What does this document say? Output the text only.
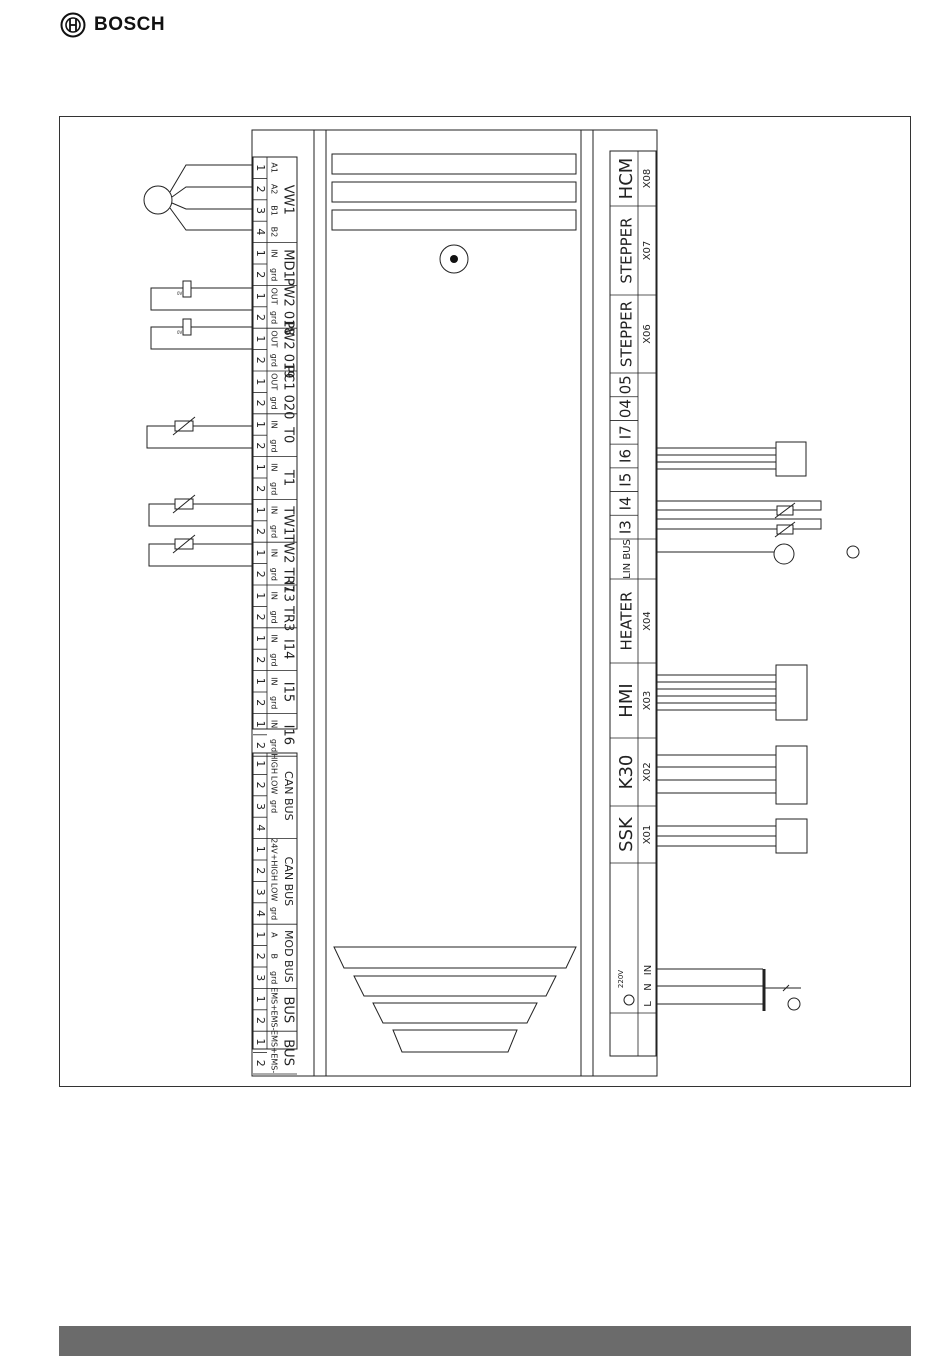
BOSCH
0V
0V
1 A1
2 A2
3 B1
4 B2
VW1
1 IN
2 grd MD1
1 OUT
2 grd PW2 018
1 OUT
2 grd PW2 019
1 OUT
2 grd PC1 020
1 IN
2 grd
T0
1 IN
2 grd
T1
1 IN
2 grd TW1
1 IN
2 grd TW2 TR7
1 IN
2 grd I13 TR3
1 IN
2 grd
I14
1 IN
2 grd
I15
1 IN
2 grd
I16
1 HIGH
2 LOW
3 grd
4
CAN BUS
1 24V+
2 HIGH
3 LOW
4 grd
CAN BUS
1 A
2 B
3 grd MOD BUS
1 EMS+
2 EMS- BUS
1 EMS+
2 EMS- BUS
HCM X08
STEPPER X07
STEPPER X06
05
04
I7
I6
I5
I4
I3
LIN BUS
HEATER X04
HMI X03
K30 X02
SSK X01
L
N
IN
220V
